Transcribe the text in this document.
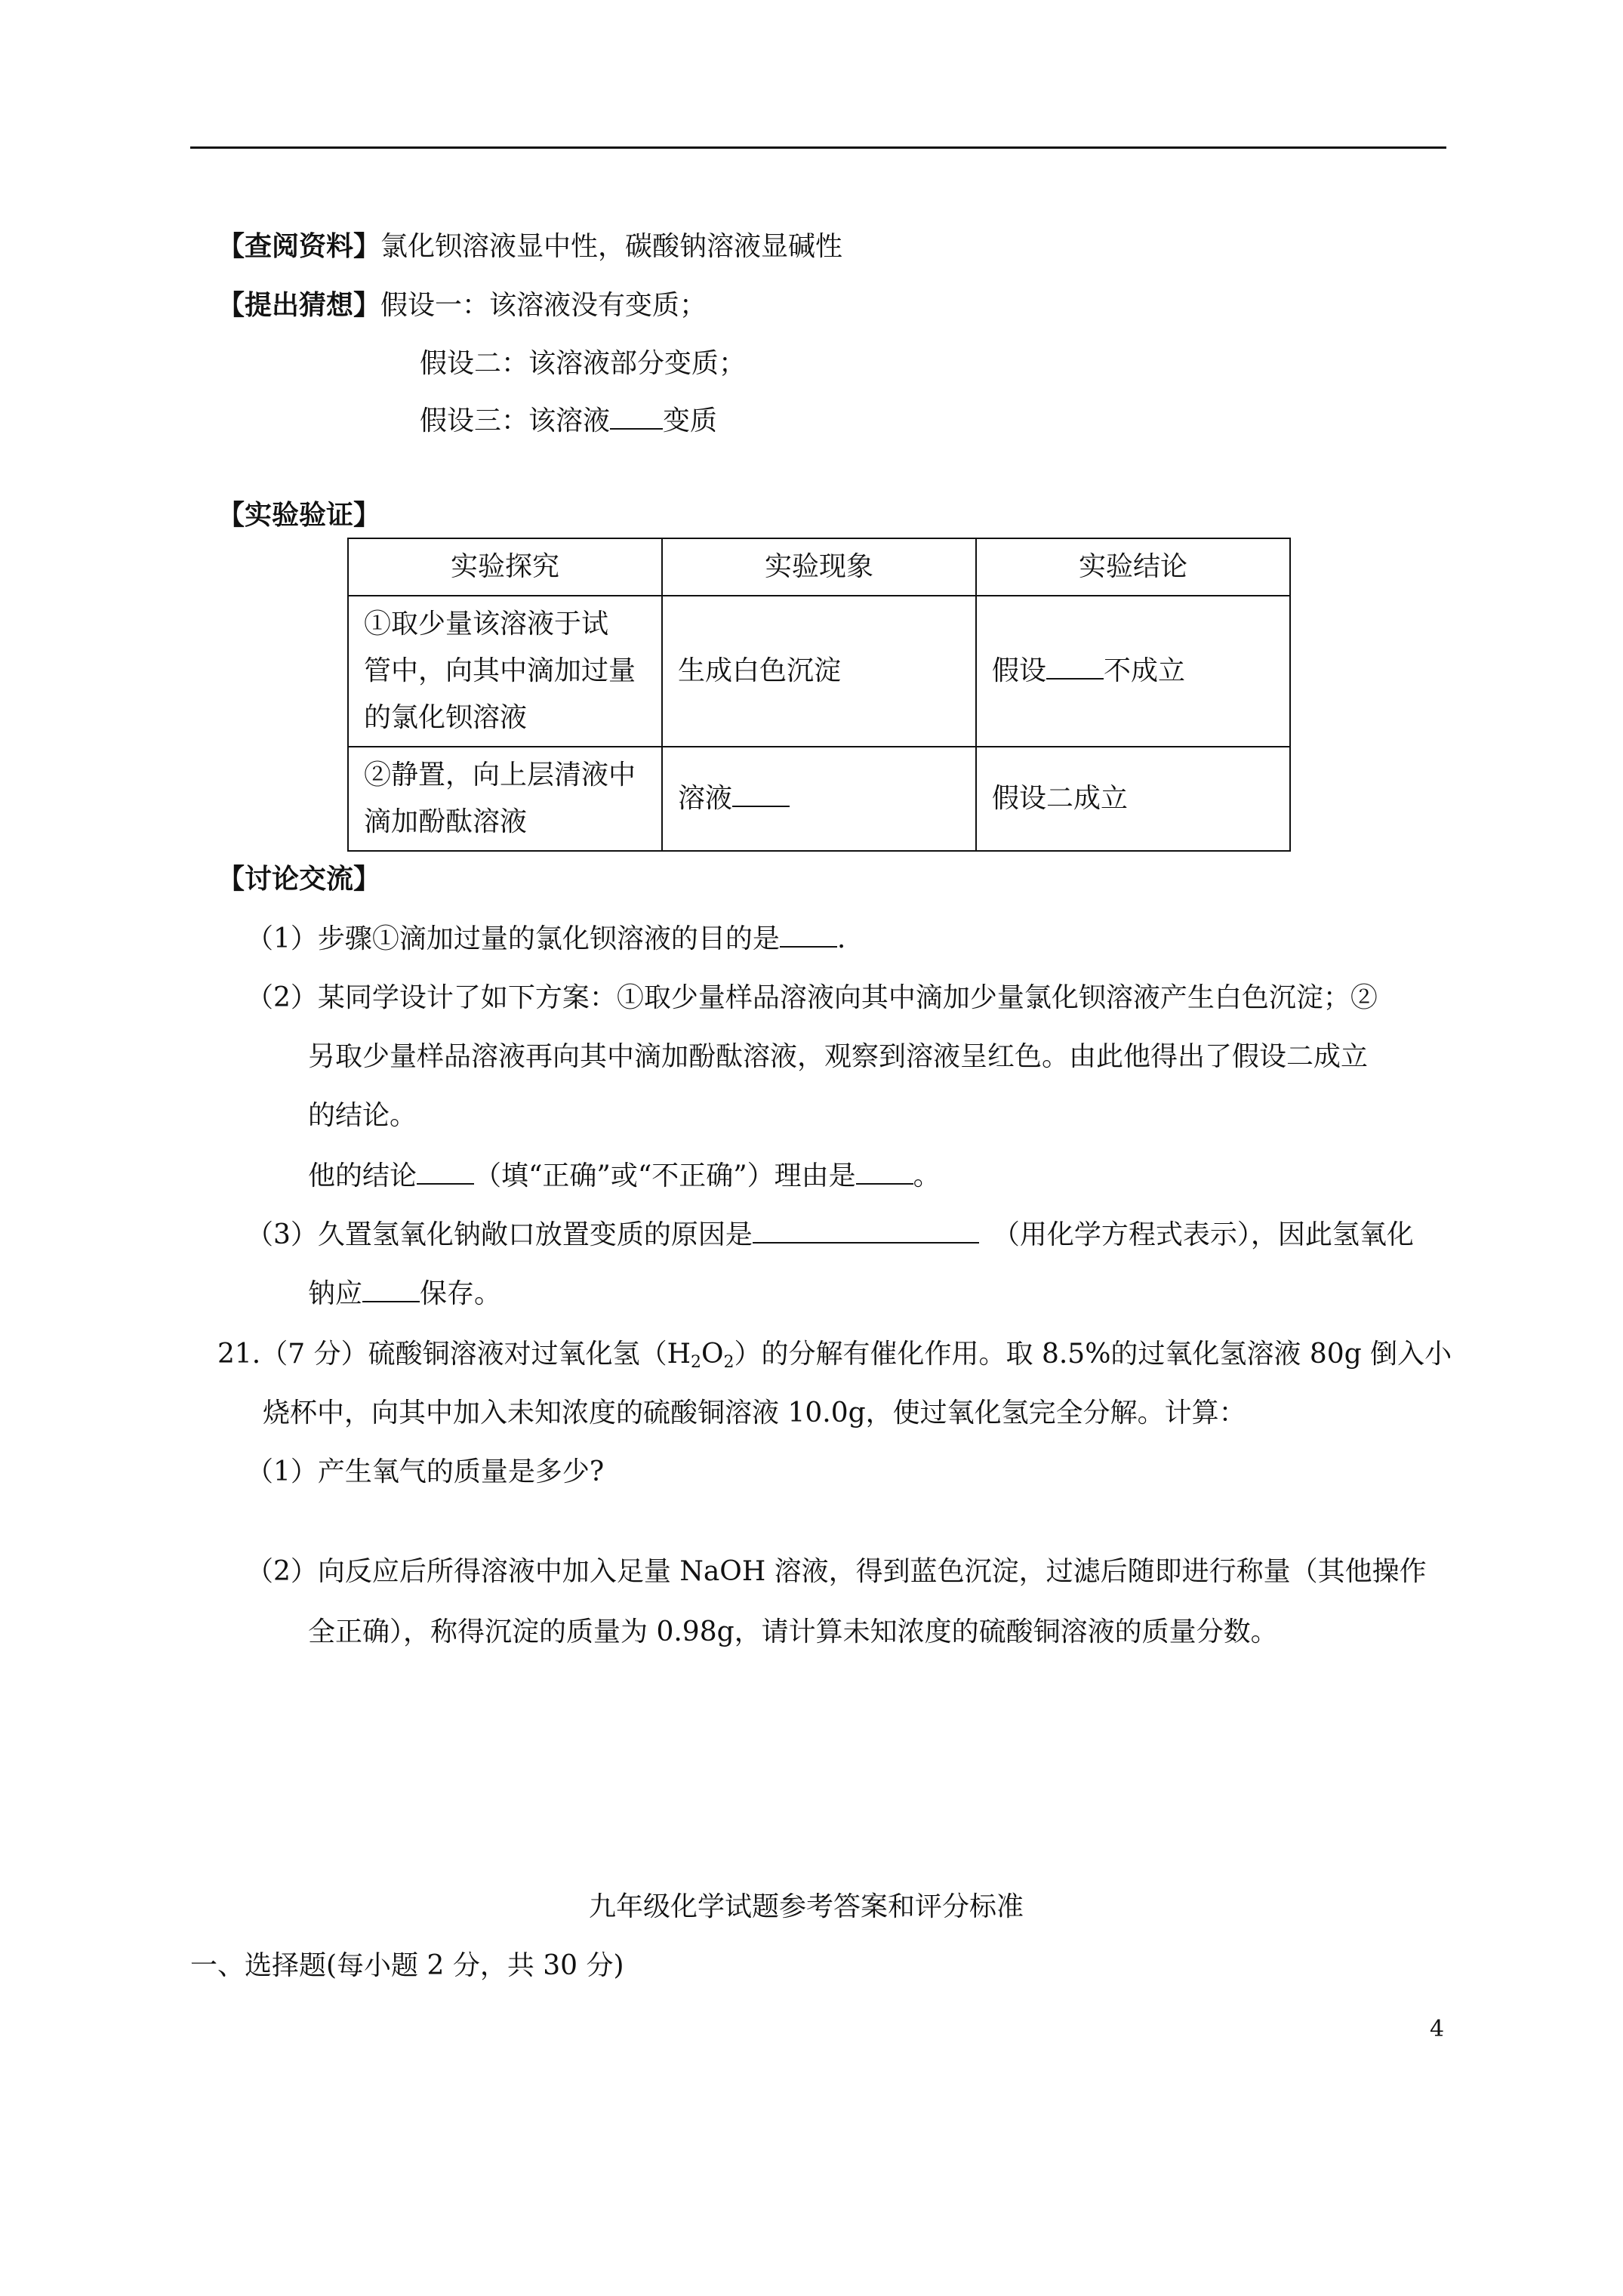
【查阅资料】氯化钡溶液显中性，碳酸钠溶液显碱性
【提出猜想】假设一：该溶液没有变质；
假设二：该溶液部分变质；
假设三：该溶液 变质
【实验验证】
实验探究	实验现象	实验结论

①取少量该溶液于试
管中，向其中滴加过量
的氯化钡溶液	生成白色沉淀	假设 不成立

②静置，向上层清液中
滴加酚酞溶液	溶液	假设二成立
【讨论交流】
（1）步骤①滴加过量的氯化钡溶液的目的是 .
（2）某同学设计了如下方案：①取少量样品溶液向其中滴加少量氯化钡溶液产生白色沉淀；②
另取少量样品溶液再向其中滴加酚酞溶液，观察到溶液呈红色。由此他得出了假设二成立
的结论。
他的结论 （填“正确”或“不正确”）理由是 。
（3）久置氢氧化钠敞口放置变质的原因是	（用化学方程式表示），因此氢氧化
钠应 保存。
21.（7 分）硫酸铜溶液对过氧化氢$(H_2O_2)$的分解有催化作用。取 8.5%的过氧化氢溶液 80g 倒入小
烧杯中，向其中加入未知浓度的硫酸铜溶液 10.0g，使过氧化氢完全分解。计算：
（1）产生氧气的质量是多少?
（2）向反应后所得溶液中加入足量 NaOH 溶液，得到蓝色沉淀，过滤后随即进行称量（其他操作
全正确），称得沉淀的质量为 0.98g，请计算未知浓度的硫酸铜溶液的质量分数。
九年级化学试题参考答案和评分标准
一、选择题(每小题 2 分，共 30 分)
4
